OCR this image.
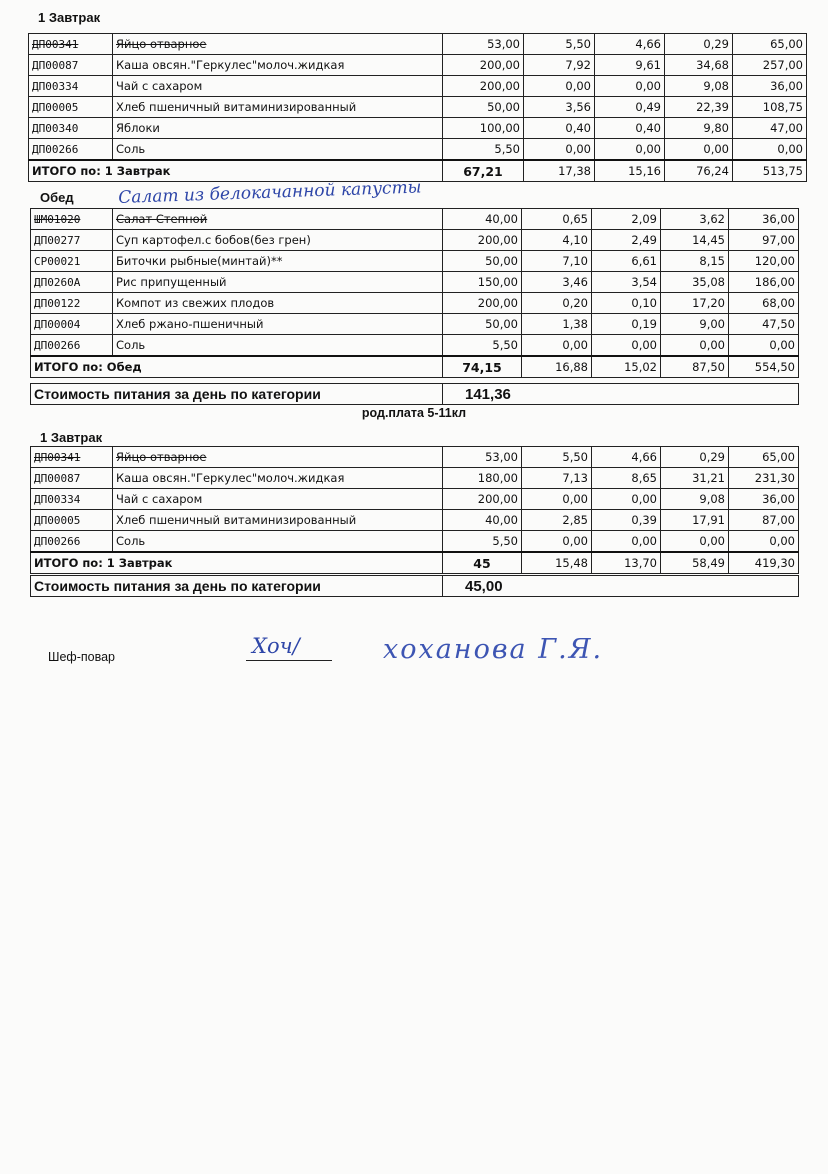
1 Завтрак
ДП00341	Яйцо отварное	53,00	5,50	4,66	0,29	65,00
ДП00087	Каша овсян."Геркулес"молоч.жидкая	200,00	7,92	9,61	34,68	257,00
ДП00334	Чай с сахаром	200,00	0,00	0,00	9,08	36,00
ДП00005	Хлеб пшеничный витаминизированный	50,00	3,56	0,49	22,39	108,75
ДП00340	Яблоки	100,00	0,40	0,40	9,80	47,00
ДП00266	Соль	5,50	0,00	0,00	0,00	0,00
ИТОГО по: 1 Завтрак		67,21	17,38	15,16	76,24	513,75
Обед	Салат из белокачанной капусты
ШМ01020	Салат Степной	40,00	0,65	2,09	3,62	36,00
ДП00277	Суп картофел.с бобов(без грен)	200,00	4,10	2,49	14,45	97,00
СР00021	Биточки рыбные(минтай)**	50,00	7,10	6,61	8,15	120,00
ДП0260А	Рис припущенный	150,00	3,46	3,54	35,08	186,00
ДП00122	Компот из свежих плодов	200,00	0,20	0,10	17,20	68,00
ДП00004	Хлеб ржано-пшеничный	50,00	1,38	0,19	9,00	47,50
ДП00266	Соль	5,50	0,00	0,00	0,00	0,00
ИТОГО по: Обед		74,15	16,88	15,02	87,50	554,50
Стоимость питания за день по категории	141,36
род.плата 5-11кл
1 Завтрак
ДП00341	Яйцо отварное	53,00	5,50	4,66	0,29	65,00
ДП00087	Каша овсян."Геркулес"молоч.жидкая	180,00	7,13	8,65	31,21	231,30
ДП00334	Чай с сахаром	200,00	0,00	0,00	9,08	36,00
ДП00005	Хлеб пшеничный витаминизированный	40,00	2,85	0,39	17,91	87,00
ДП00266	Соль	5,50	0,00	0,00	0,00	0,00
ИТОГО по: 1 Завтрак		45	15,48	13,70	58,49	419,30
Стоимость питания за день по категории	45,00
Шеф-повар	Хоч/	хоханова Г.Я.
